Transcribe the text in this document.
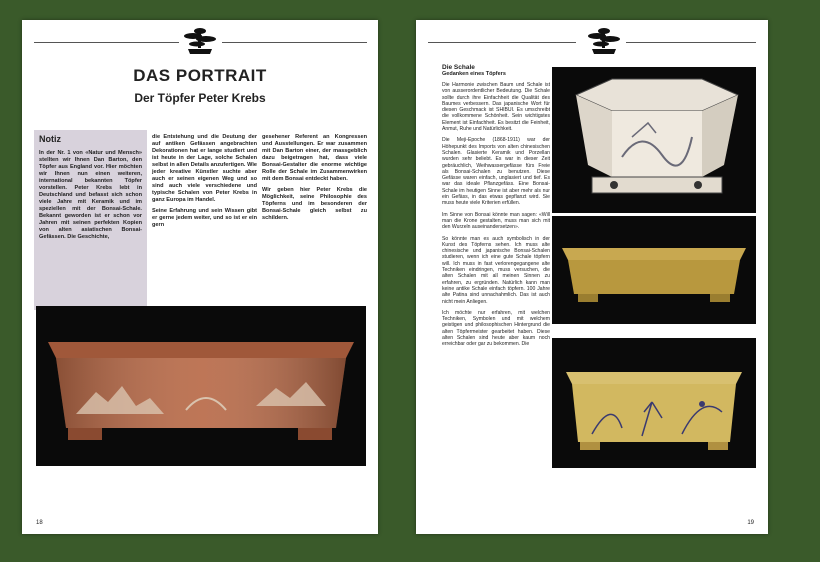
DAS PORTRAIT
Der Töpfer Peter Krebs
Notiz

In der Nr. 1 von «Natur und Mensch» stellten wir Ihnen Dan Barton, den Töpfer aus England vor. Hier möchten wir Ihnen nun einen weiteren, international bekannten Töpfer vorstellen. Peter Krebs lebt in Deutschland und befasst sich schon viele Jahre mit Keramik und im speziellen mit der Bonsai-Schale. Bekannt geworden ist er schon vor Jahren mit seinen perfekten Kopien von alten asiatischen Bonsai-Gefässen. Die Geschichte,

die Entstehung und die Deutung der auf antiken Gefässen angebrachten Dekorationen hat er lange studiert und ist heute in der Lage, solche Schalen selbst in allen Details anzufertigen. Wie jeder kreative Künstler suchte aber auch er seinen eigenen Weg und so sind auch viele verschiedene und typische Schalen von Peter Krebs in ganz Europa im Handel.

Seine Erfahrung und sein Wissen gibt er gerne jedem weiter, und so ist er ein gern

gesehener Referent an Kongressen und Ausstellungen. Er war zusammen mit Dan Barton einer, der massgeblich dazu beigetragen hat, dass viele Bonsai-Gestalter die enorme wichtige Rolle der Schale im Zusammenwirken mit dem Bonsai entdeckt haben.

Wir geben hier Peter Krebs die Möglichkeit, seine Philosophie des Töpferns und im besonderen der Bonsai-Schale gleich selbst zu schildern.

18
Die Schale
Gedanken eines Töpfers

Die Harmonie zwischen Baum und Schale ist von ausserordentlicher Bedeutung. Die Schale sollte durch ihre Einfachheit die Qualität des Baumes verbessern. Das japanische Wort für diesen Geschmack ist SHIBUI. Es umschreibt die vollkommene Schönheit. Sein wichtigstes Element ist Einfachheit. Es besitzt die Feinheit, Anmut, Ruhe und Natürlichkeit.

Die Meji-Epoche (1868-1911) war der Höhepunkt des Imports von alten chinesischen Schalen. Glasierte Keramik und Porzellan wurden sehr beliebt. Es war in dieser Zeit gebräuchlich, Weihwassergefässe fürs Freie als Bonsai-Schalen zu benutzen. Diese Gefässe waren einfach, unglasiert und tief. Es war das ideale Pflanzgefäss. Eine Bonsai-Schale im heutigen Sinne ist aber mehr als nur ein Gefäss, in das etwas gepflanzt wird. Sie muss heute viele Kriterien erfüllen.

Im Sinne von Bonsai könnte man sagen: «Will man die Krone gestalten, muss man sich mit den Wurzeln auseinandersetzen».

So könnte man es auch symbolisch in der Kunst des Töpferns sehen. Ich muss alte chinesische und japanische Bonsai-Schalen studieren, wenn ich eine gute Schale töpfern will. Ich muss in fast verlorengegangene alte Techniken eindringen, muss versuchen, die alten Schalen mit all meinen Sinnen zu erfahren, zu ergründen. Natürlich kann man keine antike Schale einfach töpfern. 100 Jahre alte Patina sind unnachahmlich. Das ist auch nicht mein Anliegen.

Ich möchte nur erfahren, mit welchen Techniken, Symbolen und mit welchem geistigen und philosophischen Hintergrund die alten Töpfermeister gearbeitet haben. Diese alten Schalen sind heute aber kaum noch erreichbar oder gar zu bekommen. Die

19
